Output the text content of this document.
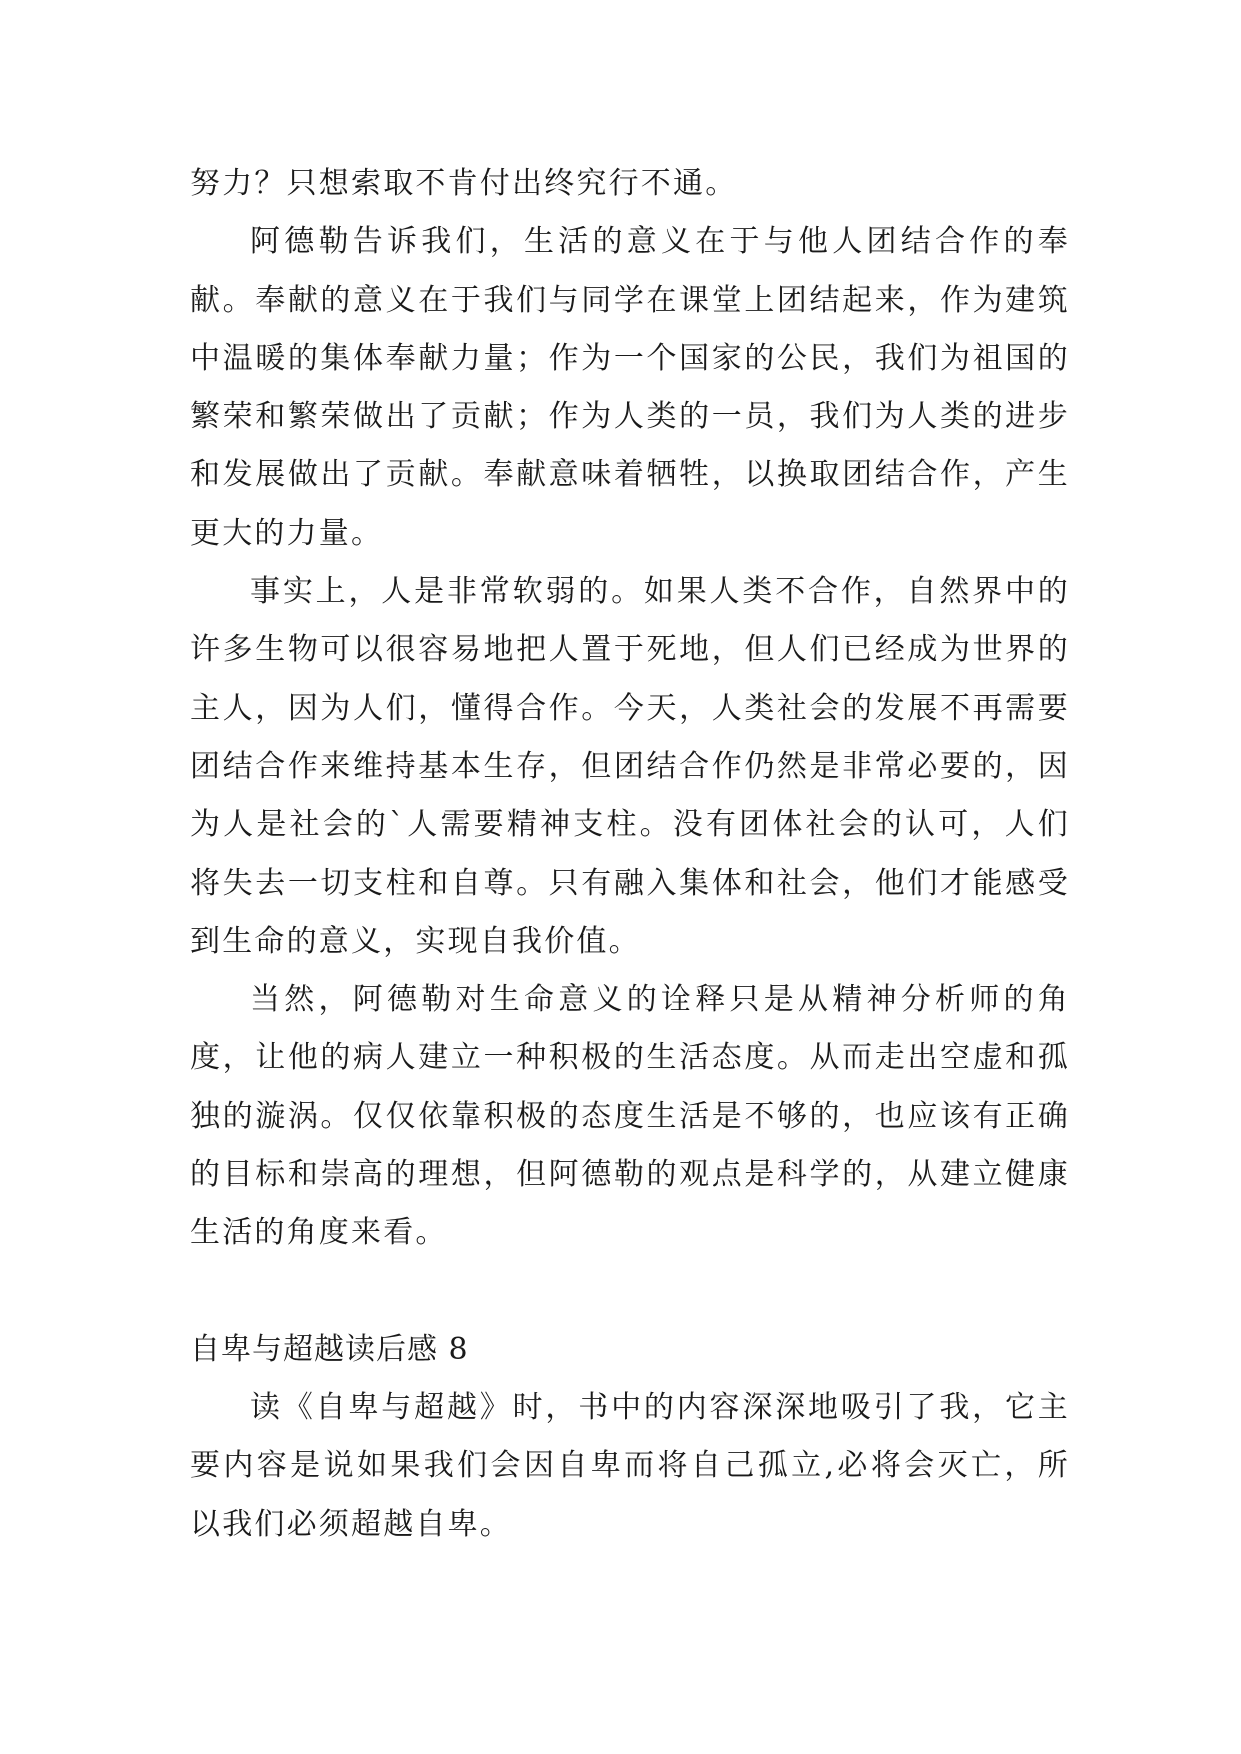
努力？只想索取不肯付出终究行不通。

阿德勒告诉我们，生活的意义在于与他人团结合作的奉献。奉献的意义在于我们与同学在课堂上团结起来，作为建筑中温暖的集体奉献力量；作为一个国家的公民，我们为祖国的繁荣和繁荣做出了贡献；作为人类的一员，我们为人类的进步和发展做出了贡献。奉献意味着牺牲，以换取团结合作，产生更大的力量。

事实上，人是非常软弱的。如果人类不合作，自然界中的许多生物可以很容易地把人置于死地，但人们已经成为世界的主人，因为人们，懂得合作。今天，人类社会的发展不再需要团结合作来维持基本生存，但团结合作仍然是非常必要的，因为人是社会的`人需要精神支柱。没有团体社会的认可，人们将失去一切支柱和自尊。只有融入集体和社会，他们才能感受到生命的意义，实现自我价值。

当然，阿德勒对生命意义的诠释只是从精神分析师的角度，让他的病人建立一种积极的生活态度。从而走出空虚和孤独的漩涡。仅仅依靠积极的态度生活是不够的，也应该有正确的目标和崇高的理想，但阿德勒的观点是科学的，从建立健康生活的角度来看。

自卑与超越读后感 8

读《自卑与超越》时，书中的内容深深地吸引了我，它主要内容是说如果我们会因自卑而将自己孤立,必将会灭亡，所以我们必须超越自卑。
